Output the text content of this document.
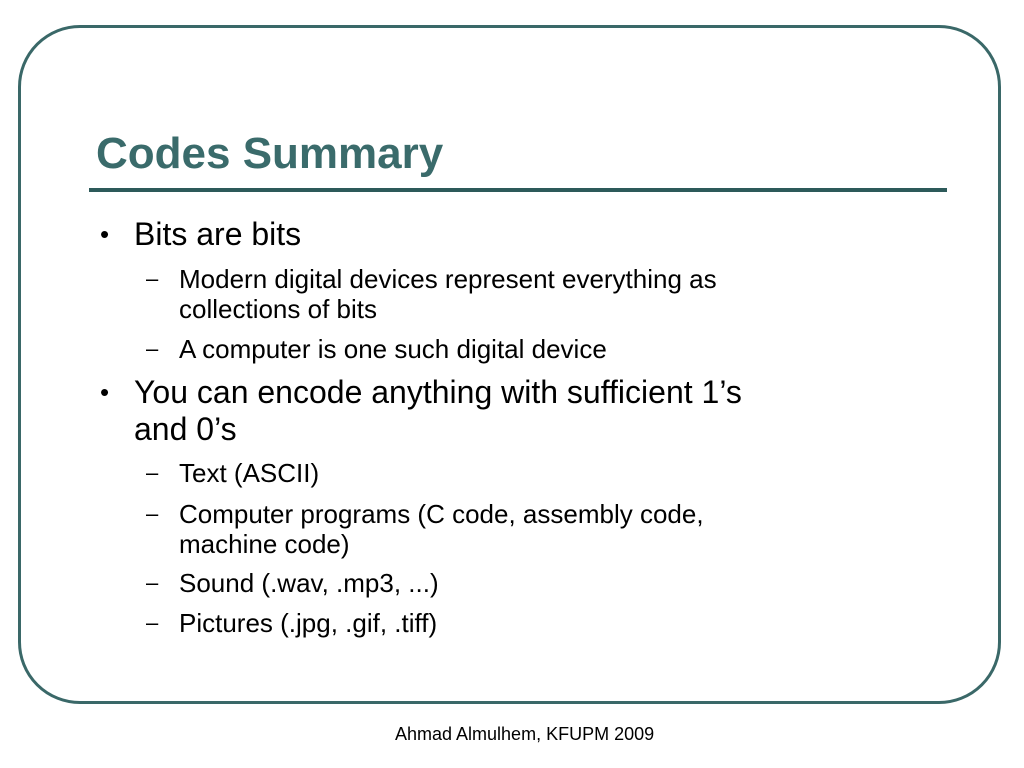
Codes Summary
• Bits are bits
– Modern digital devices represent everything as
collections of bits
– A computer is one such digital device
• You can encode anything with sufficient 1’s
and 0’s
– Text (ASCII)
– Computer programs (C code, assembly code,
machine code)
– Sound (.wav, .mp3, ...)
– Pictures (.jpg, .gif, .tiff)
Ahmad Almulhem, KFUPM 2009
